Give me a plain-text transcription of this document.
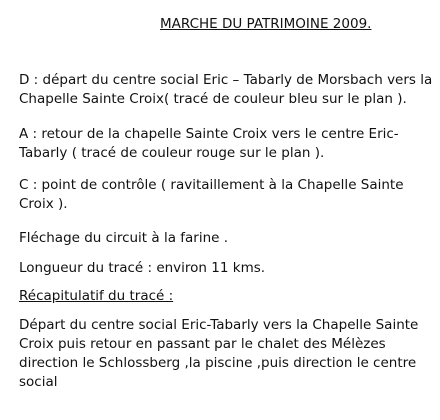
MARCHE DU PATRIMOINE 2009.
D : départ du centre social Eric – Tabarly de Morsbach vers la
Chapelle Sainte Croix( tracé de couleur bleu sur le plan ).
A : retour de la chapelle Sainte Croix vers le centre Eric-
Tabarly ( tracé de couleur rouge sur le plan ).
C : point de contrôle ( ravitaillement à la Chapelle Sainte
Croix ).
Fléchage du circuit à la farine .
Longueur du tracé : environ 11 kms.
Récapitulatif du tracé :
Départ du centre social Eric-Tabarly vers la Chapelle Sainte
Croix puis retour en passant par le chalet des Mélèzes
direction le Schlossberg ,la piscine ,puis direction le centre
social
